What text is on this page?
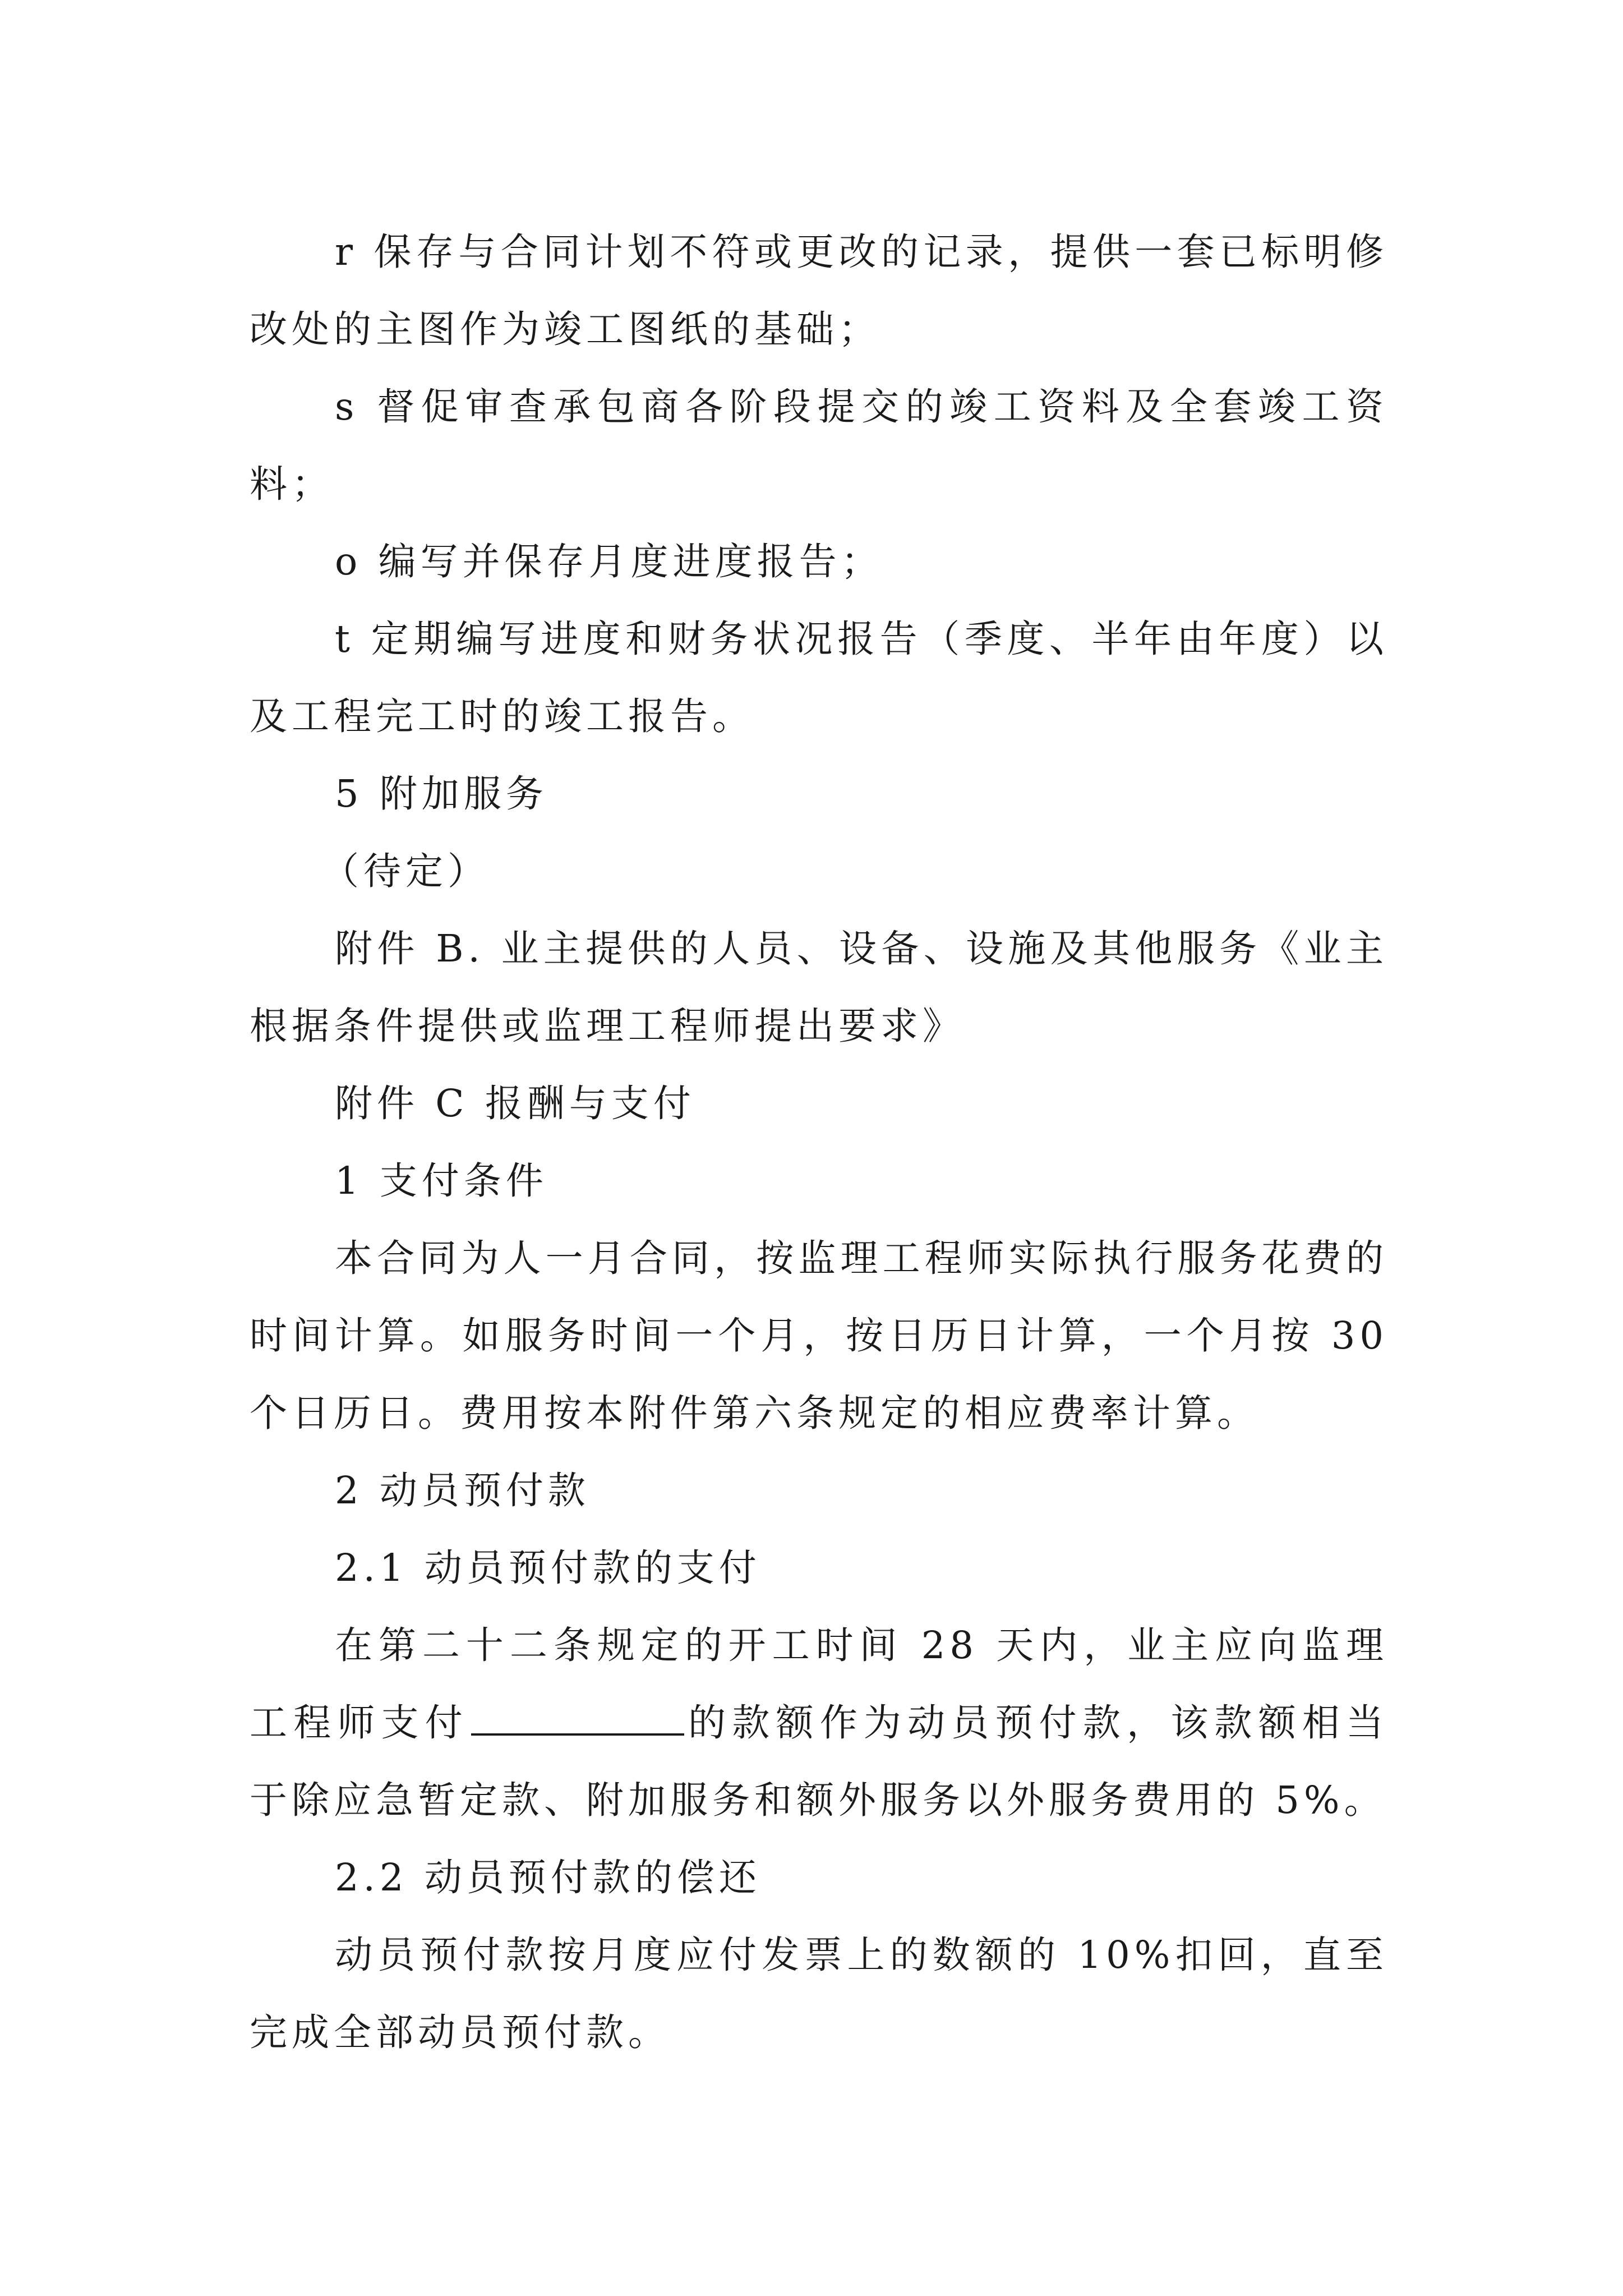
r 保存与合同计划不符或更改的记录，提供一套已标明修改处的主图作为竣工图纸的基础；

s 督促审查承包商各阶段提交的竣工资料及全套竣工资料；

o 编写并保存月度进度报告；

t 定期编写进度和财务状况报告（季度、半年由年度）以及工程完工时的竣工报告。

5 附加服务

（待定）

附件 B. 业主提供的人员、设备、设施及其他服务《业主根据条件提供或监理工程师提出要求》

附件 C 报酬与支付

1 支付条件

本合同为人一月合同，按监理工程师实际执行服务花费的时间计算。如服务时间一个月，按日历日计算，一个月按 30 个日历日。费用按本附件第六条规定的相应费率计算。

2 动员预付款

2.1 动员预付款的支付

在第二十二条规定的开工时间 28 天内，业主应向监理工程师支付	的款额作为动员预付款，该款额相当于除应急暂定款、附加服务和额外服务以外服务费用的 5%。

2.2 动员预付款的偿还

动员预付款按月度应付发票上的数额的 10%扣回，直至完成全部动员预付款。
